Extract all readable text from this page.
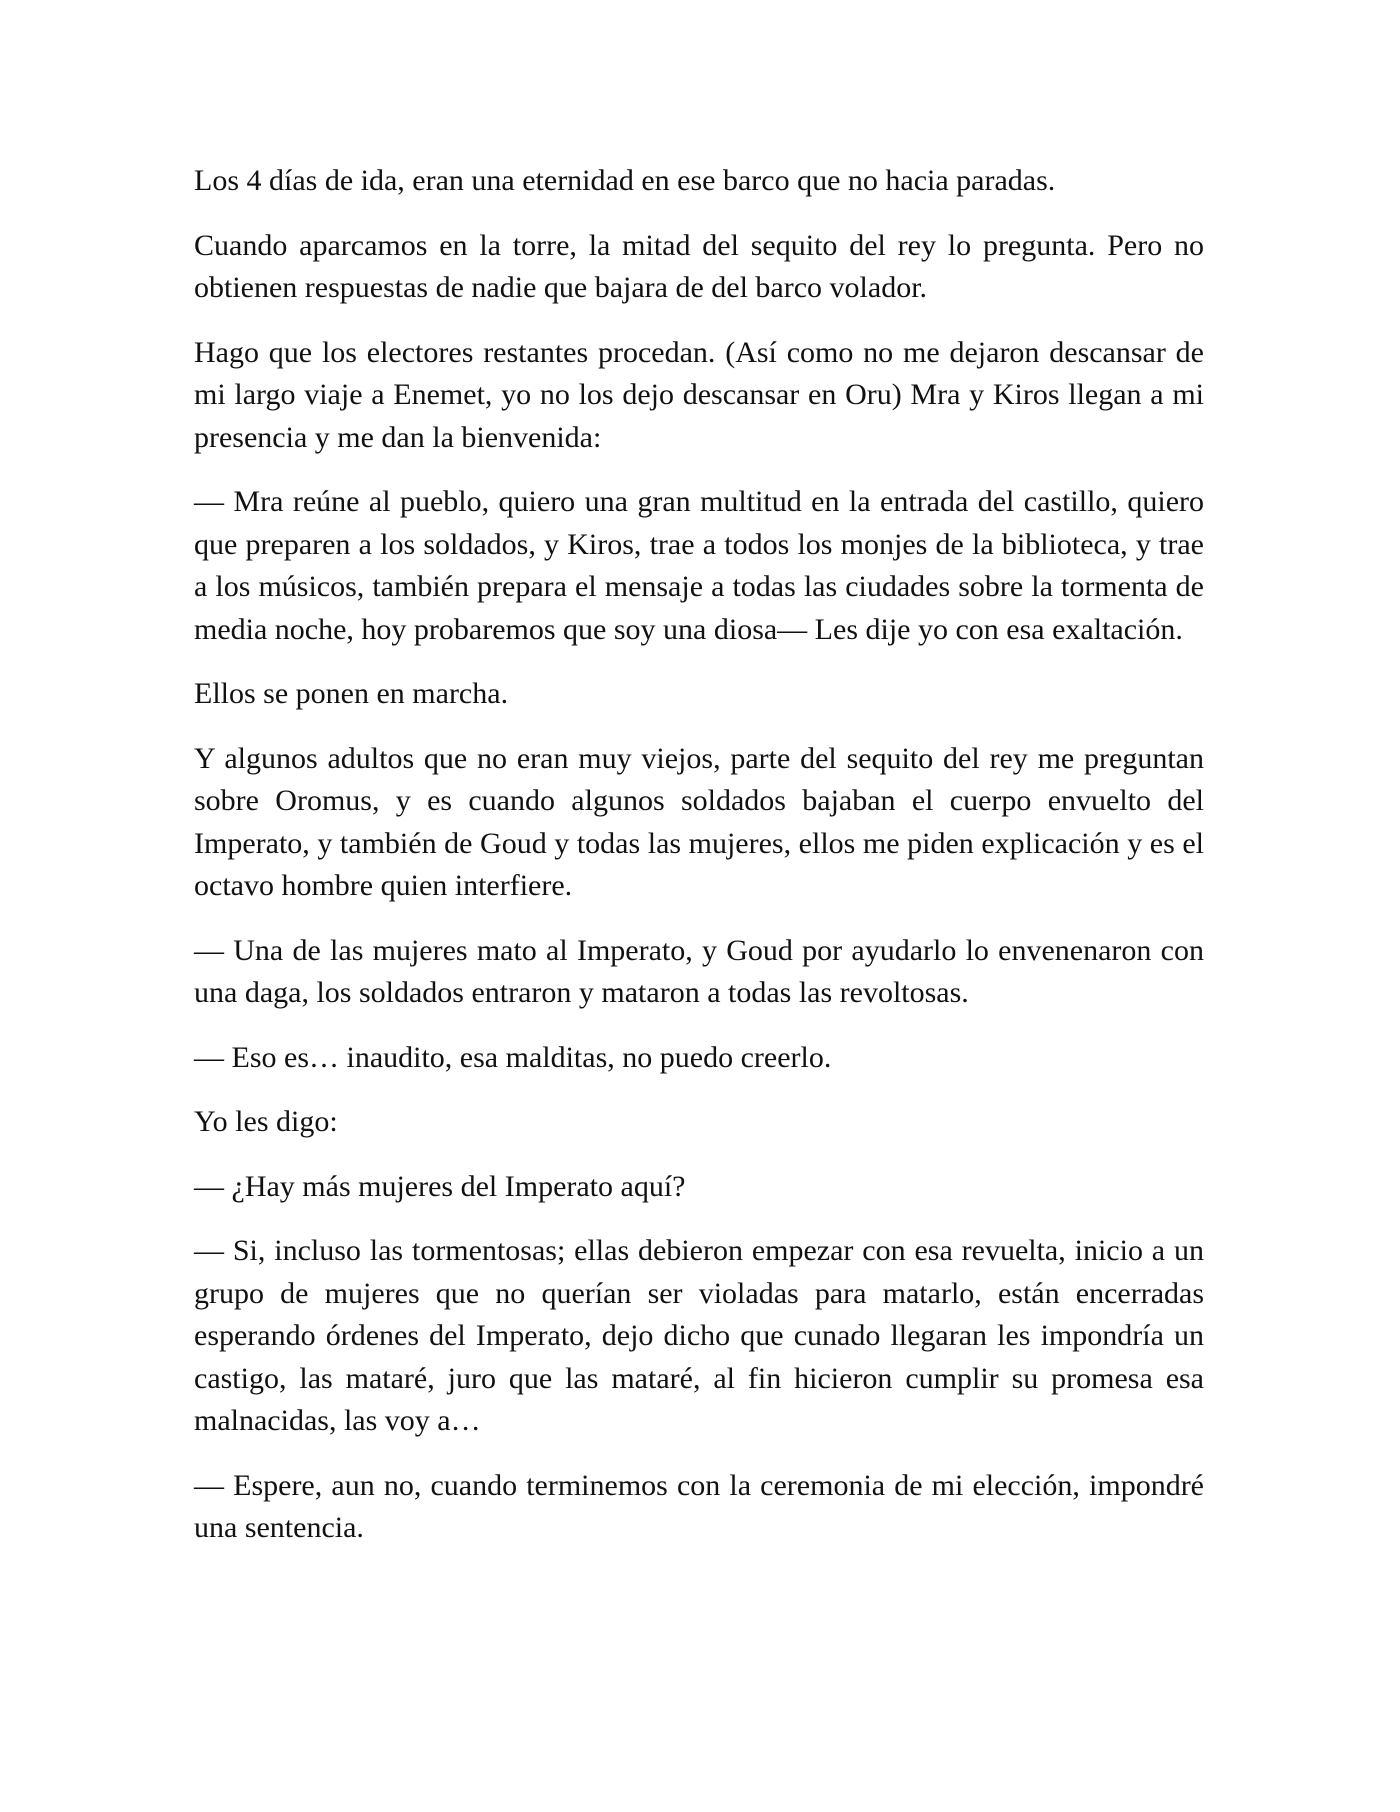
Los 4 días de ida, eran una eternidad en ese barco que no hacia paradas.

Cuando aparcamos en la torre, la mitad del sequito del rey lo pregunta. Pero no obtienen respuestas de nadie que bajara de del barco volador.

Hago que los electores restantes procedan. (Así como no me dejaron descansar de mi largo viaje a Enemet, yo no los dejo descansar en Oru) Mra y Kiros llegan a mi presencia y me dan la bienvenida:

— Mra reúne al pueblo, quiero una gran multitud en la entrada del castillo, quiero que preparen a los soldados, y Kiros, trae a todos los monjes de la biblioteca, y trae a los músicos, también prepara el mensaje a todas las ciudades sobre la tormenta de media noche, hoy probaremos que soy una diosa— Les dije yo con esa exaltación.

Ellos se ponen en marcha.

Y algunos adultos que no eran muy viejos, parte del sequito del rey me preguntan sobre Oromus, y es cuando algunos soldados bajaban el cuerpo envuelto del Imperato, y también de Goud y todas las mujeres, ellos me piden explicación y es el octavo hombre quien interfiere.

— Una de las mujeres mato al Imperato, y Goud por ayudarlo lo envenenaron con una daga, los soldados entraron y mataron a todas las revoltosas.

— Eso es… inaudito, esa malditas, no puedo creerlo.

Yo les digo:

— ¿Hay más mujeres del Imperato aquí?

— Si, incluso las tormentosas; ellas debieron empezar con esa revuelta, inicio a un grupo de mujeres que no querían ser violadas para matarlo, están encerradas esperando órdenes del Imperato, dejo dicho que cunado llegaran les impondría un castigo, las mataré, juro que las mataré, al fin hicieron cumplir su promesa esa malnacidas, las voy a…

— Espere, aun no, cuando terminemos con la ceremonia de mi elección, impondré una sentencia.
